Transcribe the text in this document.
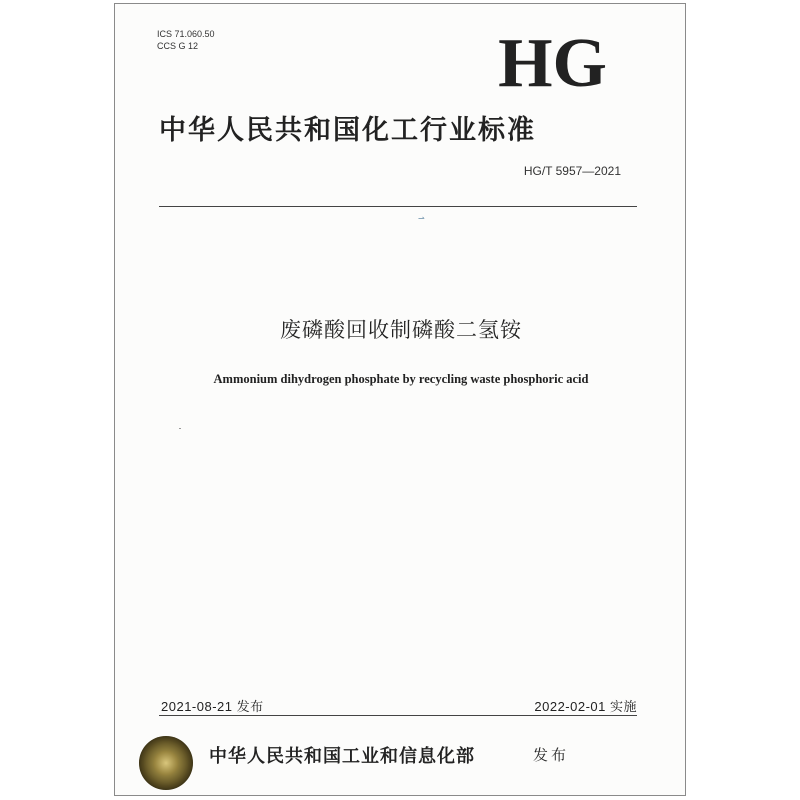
ICS 71.060.50
CCS G 12	HG
中华人民共和国化工行业标准
HG/T 5957—2021
⇀
废磷酸回收制磷酸二氢铵
Ammonium dihydrogen phosphate by recycling waste phosphoric acid
2021-08-21 发布	2022-02-01 实施
中华人民共和国工业和信息化部	发布
